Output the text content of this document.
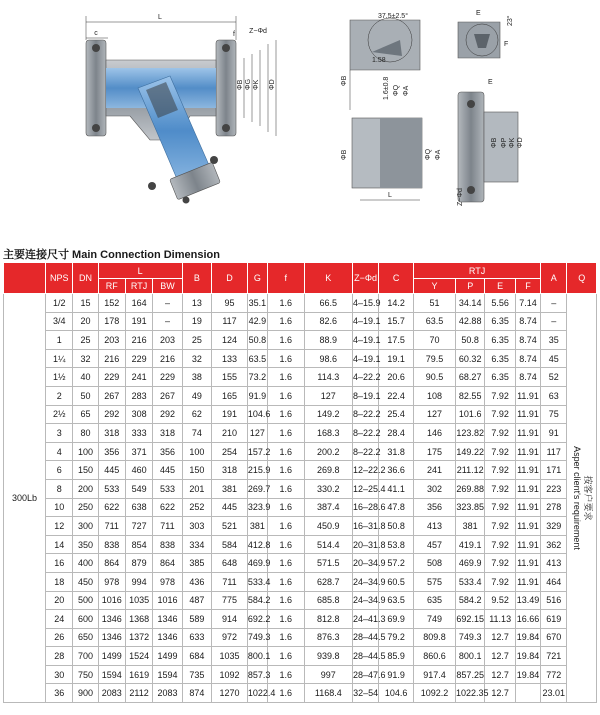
L
c	f Z−Φd
ΦB ΦG ΦK ΦD
37.5±2.5°
1.58
1.6±0.8 ΦQ ΦA
ΦB
L
ΦB	ΦQ ΦA
E
F
23°
E
ΦB ΦP ΦK ΦD
Z−Φd
主要连接尺寸 Main Connection Dimension
	NPS	DN	L			B	D	G	f	K	Z−Φd	C	RTJ				A	Q
			RF	RTJ	BW								Y	P	E	F		
300Lb	1/2	15	152	164	–	13	95	35.1	1.6	66.5	4–15.9	14.2	51	34.14	5.56	7.14	–	按客户要求
Asper client's requirement

	3/4	20	178	191	–	19	117	42.9	1.6	82.6	4–19.1	15.7	63.5	42.88	6.35	8.74	–	
	1	25	203	216	203	25	124	50.8	1.6	88.9	4–19.1	17.5	70	50.8	6.35	8.74	35	
	1¼	32	216	229	216	32	133	63.5	1.6	98.6	4–19.1	19.1	79.5	60.32	6.35	8.74	45	
	1½	40	229	241	229	38	155	73.2	1.6	114.3	4–22.2	20.6	90.5	68.27	6.35	8.74	52	
	2	50	267	283	267	49	165	91.9	1.6	127	8–19.1	22.4	108	82.55	7.92	11.91	63	
	2½	65	292	308	292	62	191	104.6	1.6	149.2	8–22.2	25.4	127	101.6	7.92	11.91	75	
	3	80	318	333	318	74	210	127	1.6	168.3	8–22.2	28.4	146	123.82	7.92	11.91	91	
	4	100	356	371	356	100	254	157.2	1.6	200.2	8–22.2	31.8	175	149.22	7.92	11.91	117	
	6	150	445	460	445	150	318	215.9	1.6	269.8	12–22.2	36.6	241	211.12	7.92	11.91	171	
	8	200	533	549	533	201	381	269.7	1.6	330.2	12–25.4	41.1	302	269.88	7.92	11.91	223	
	10	250	622	638	622	252	445	323.9	1.6	387.4	16–28.6	47.8	356	323.85	7.92	11.91	278	
	12	300	711	727	711	303	521	381	1.6	450.9	16–31.8	50.8	413	381	7.92	11.91	329	
	14	350	838	854	838	334	584	412.8	1.6	514.4	20–31.8	53.8	457	419.1	7.92	11.91	362	
	16	400	864	879	864	385	648	469.9	1.6	571.5	20–34.9	57.2	508	469.9	7.92	11.91	413	
	18	450	978	994	978	436	711	533.4	1.6	628.7	24–34.9	60.5	575	533.4	7.92	11.91	464	
	20	500	1016	1035	1016	487	775	584.2	1.6	685.8	24–34.9	63.5	635	584.2	9.52	13.49	516	
	24	600	1346	1368	1346	589	914	692.2	1.6	812.8	24–41.3	69.9	749	692.15	11.13	16.66	619	
	26	650	1346	1372	1346	633	972	749.3	1.6	876.3	28–44.5	79.2	809.8	749.3	12.7	19.84	670	
	28	700	1499	1524	1499	684	1035	800.1	1.6	939.8	28–44.5	85.9	860.6	800.1	12.7	19.84	721	
	30	750	1594	1619	1594	735	1092	857.3	1.6	997	28–47.6	91.9	917.4	857.25	12.7	19.84	772	
	36	900	2083	2112	2083	874	1270	1022.4	1.6	1168.4	32–54	104.6	1092.2	1022.35	12.7		23.01	
